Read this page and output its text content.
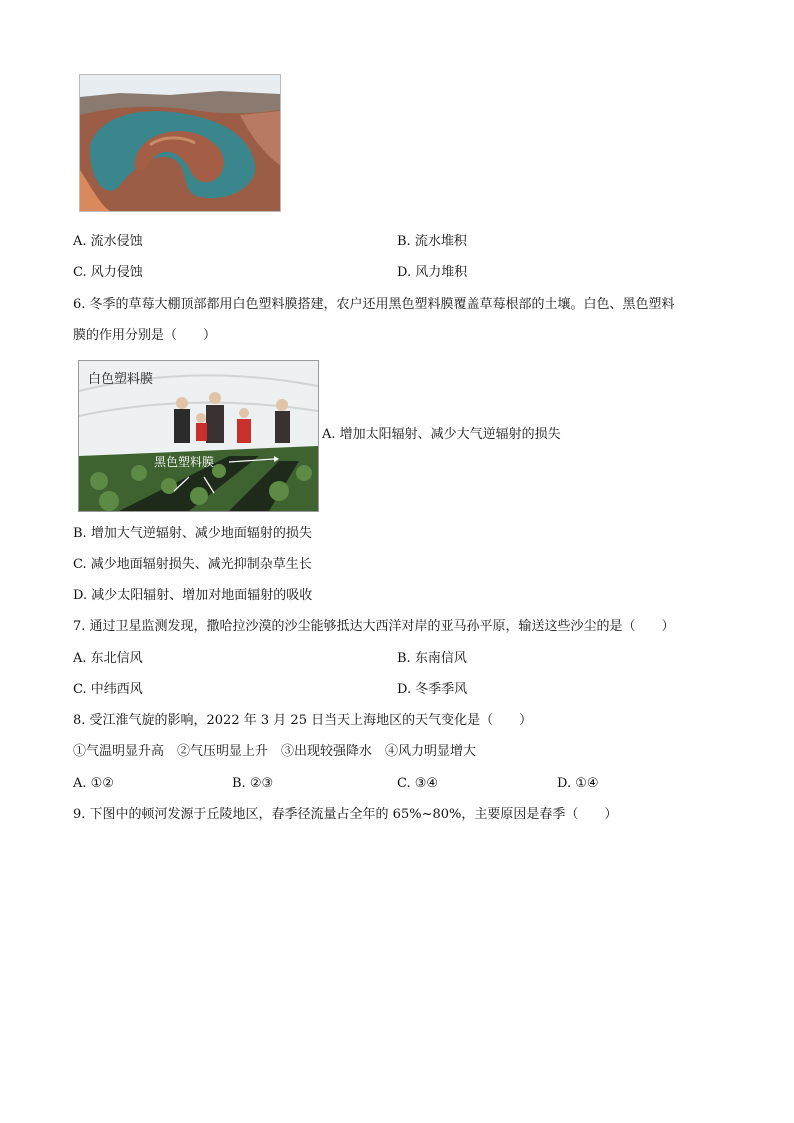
A. 流水侵蚀	B. 流水堆积
C. 风力侵蚀	D. 风力堆积
6. 冬季的草莓大棚顶部都用白色塑料膜搭建，农户还用黑色塑料膜覆盖草莓根部的土壤。白色、黑色塑料
膜的作用分别是（　　）
白色塑料膜
黑色塑料膜
A. 增加太阳辐射、减少大气逆辐射的损失
B. 增加大气逆辐射、减少地面辐射的损失
C. 减少地面辐射损失、减光抑制杂草生长
D. 减少太阳辐射、增加对地面辐射的吸收
7. 通过卫星监测发现，撒哈拉沙漠的沙尘能够抵达大西洋对岸的亚马孙平原，输送这些沙尘的是（　　）
A. 东北信风	B. 东南信风
C. 中纬西风	D. 冬季季风
8. 受江淮气旋的影响，2022 年 3 月 25 日当天上海地区的天气变化是（　　）
①气温明显升高　②气压明显上升　③出现较强降水　④风力明显增大
A. ①②	B. ②③	C. ③④	D. ①④
9. 下图中的顿河发源于丘陵地区，春季径流量占全年的 65%~80%，主要原因是春季（　　）
